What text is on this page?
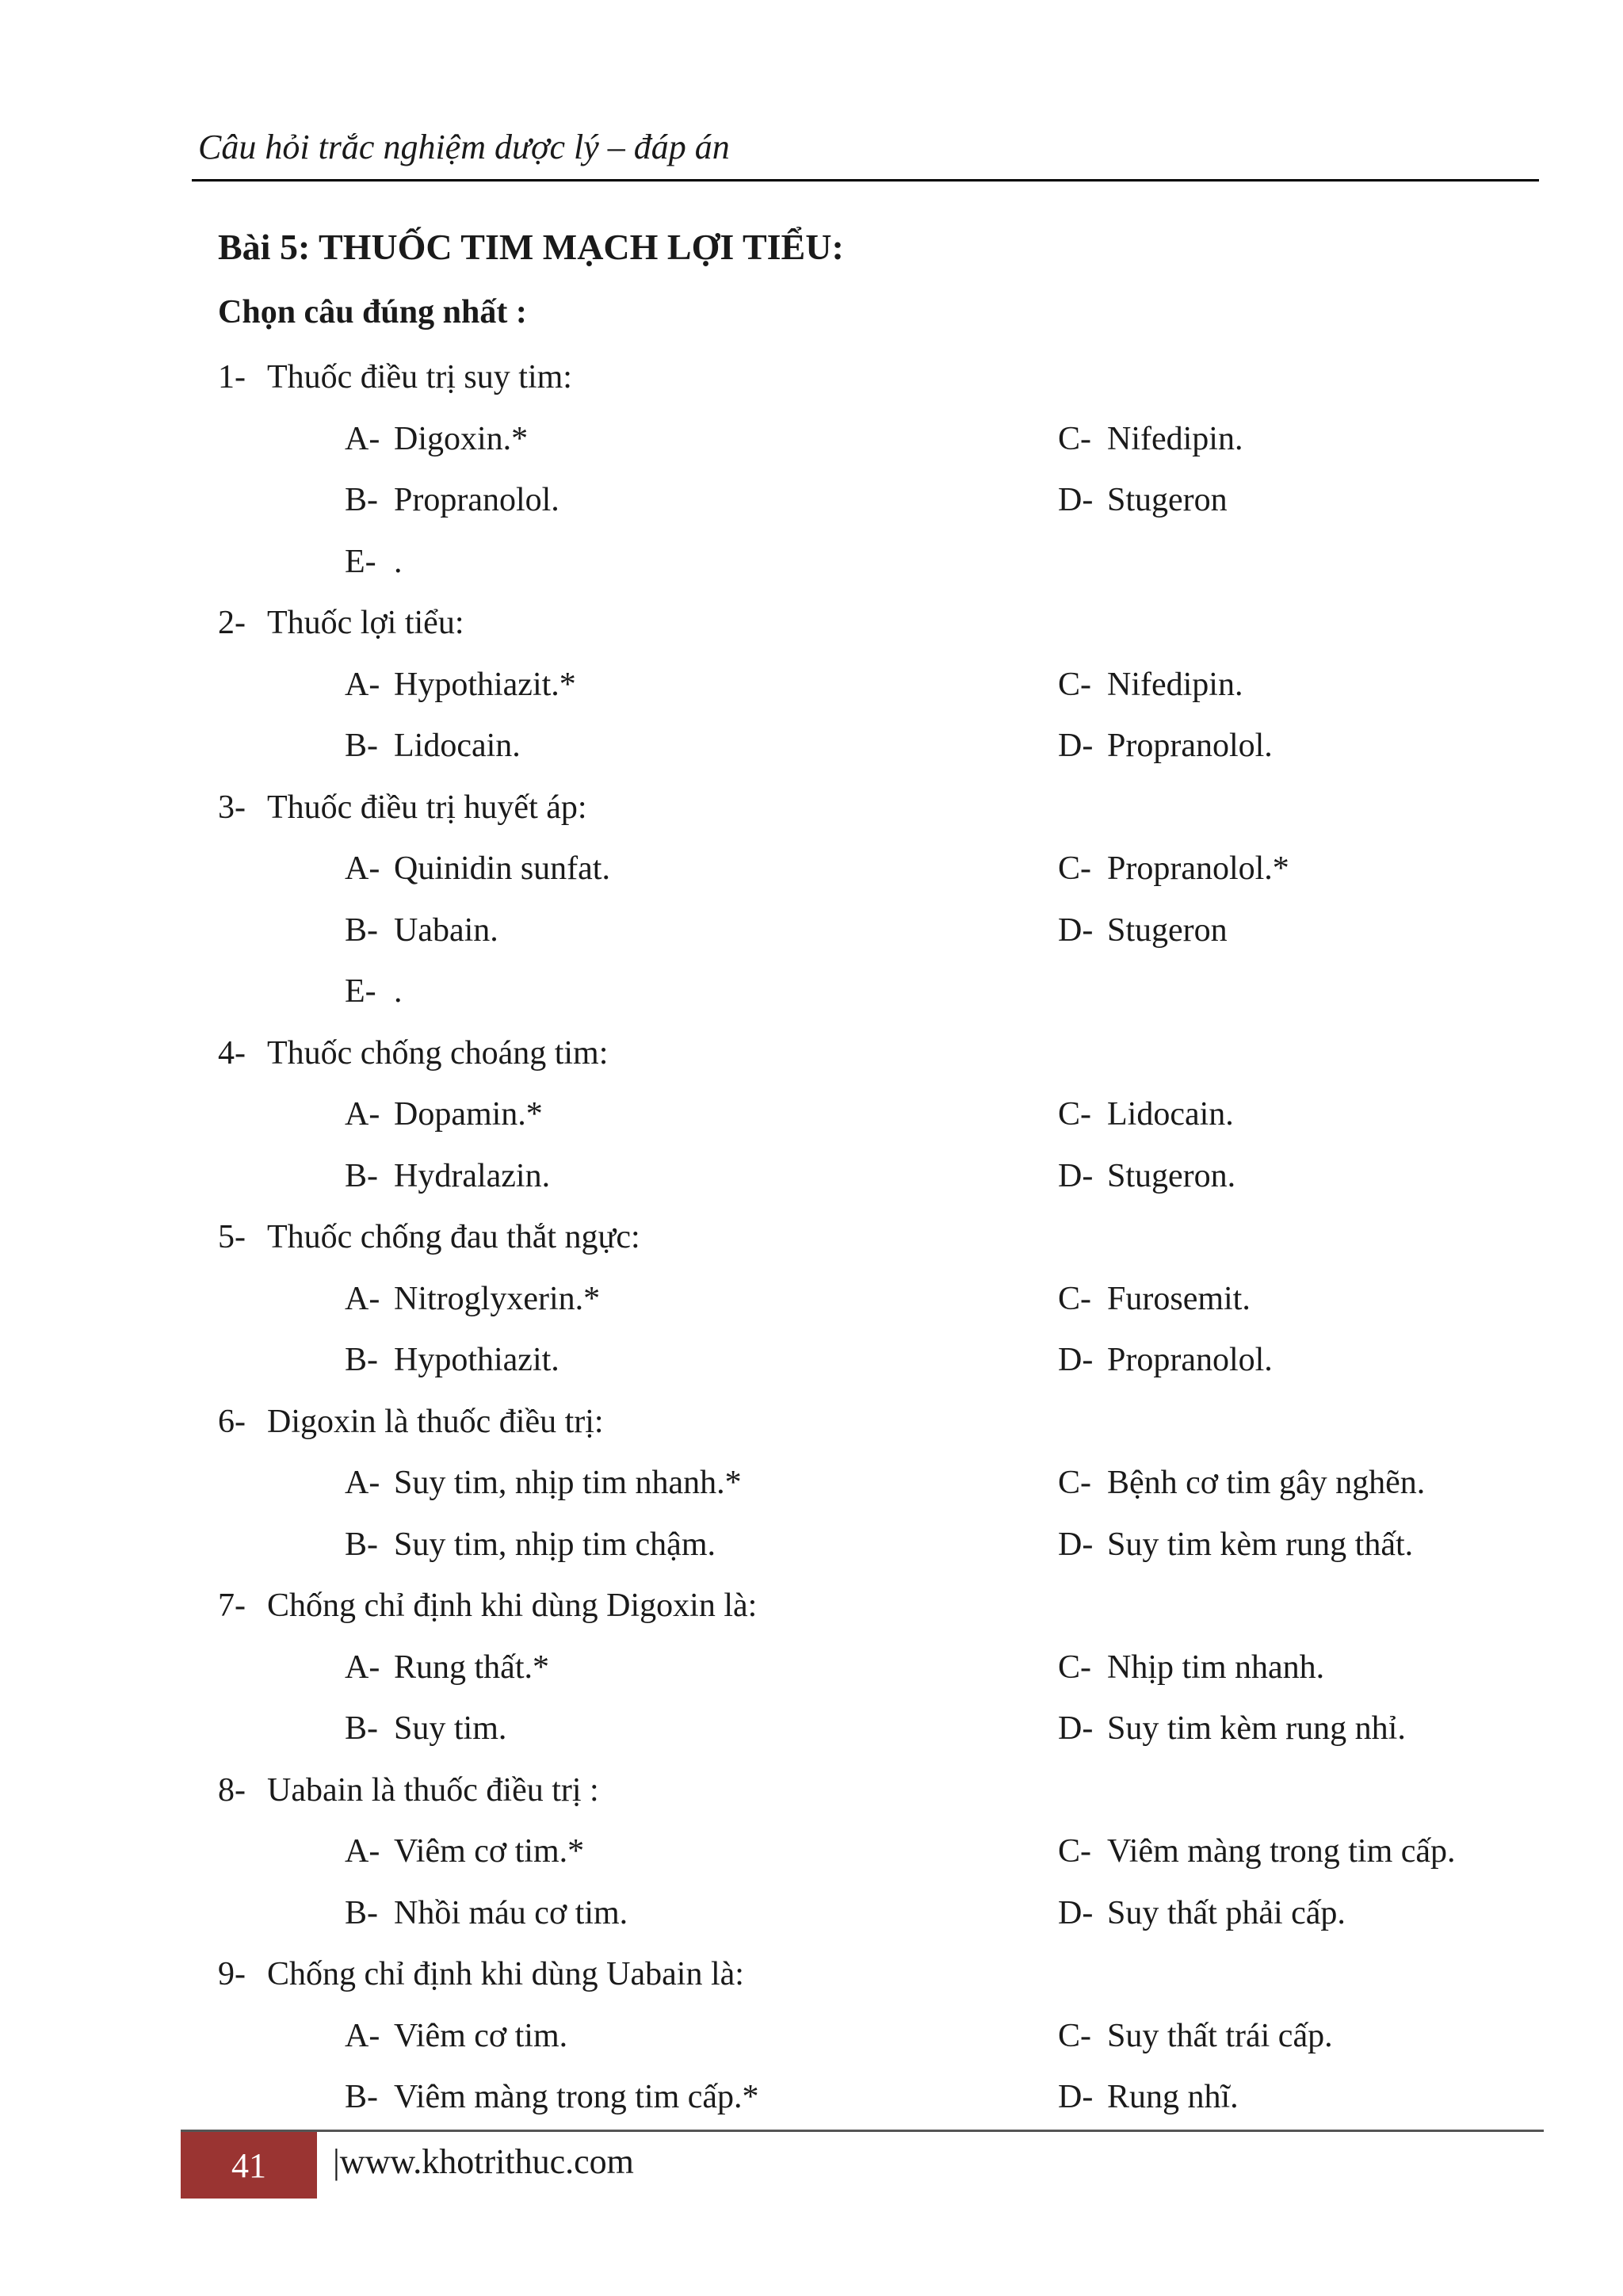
Câu hỏi trắc nghiệm dược lý – đáp án
Bài 5: THUỐC TIM MẠCH LỢI TIỂU:
Chọn câu đúng nhất :
1- Thuốc điều trị suy tim:
A- Digoxin.*	C- Nifedipin.
B- Propranolol.	D- Stugeron
E- .
2- Thuốc lợi tiểu:
A- Hypothiazit.*	C- Nifedipin.
B- Lidocain.	D- Propranolol.
3- Thuốc điều trị huyết áp:
A- Quinidin sunfat.	C- Propranolol.*
B- Uabain.	D- Stugeron
E- .
4- Thuốc chống choáng tim:
A- Dopamin.*	C- Lidocain.
B- Hydralazin.	D- Stugeron.
5- Thuốc chống đau thắt ngực:
A- Nitroglyxerin.*	C- Furosemit.
B- Hypothiazit.	D- Propranolol.
6- Digoxin là thuốc điều trị:
A- Suy tim, nhịp tim nhanh.*	C- Bệnh cơ tim gây nghẽn.
B- Suy tim, nhịp tim chậm.	D- Suy tim kèm rung thất.
7- Chống chỉ định khi dùng Digoxin là:
A- Rung thất.*	C- Nhịp tim nhanh.
B- Suy tim.	D- Suy tim kèm rung nhỉ.
8- Uabain là thuốc điều trị :
A- Viêm cơ tim.*	C- Viêm màng trong tim cấp.
B- Nhồi máu cơ tim.	D- Suy thất phải cấp.
9- Chống chỉ định khi dùng Uabain là:
A- Viêm cơ tim.	C- Suy thất trái cấp.
B- Viêm màng trong tim cấp.*	D- Rung nhĩ.
41 |www.khotrithuc.com
